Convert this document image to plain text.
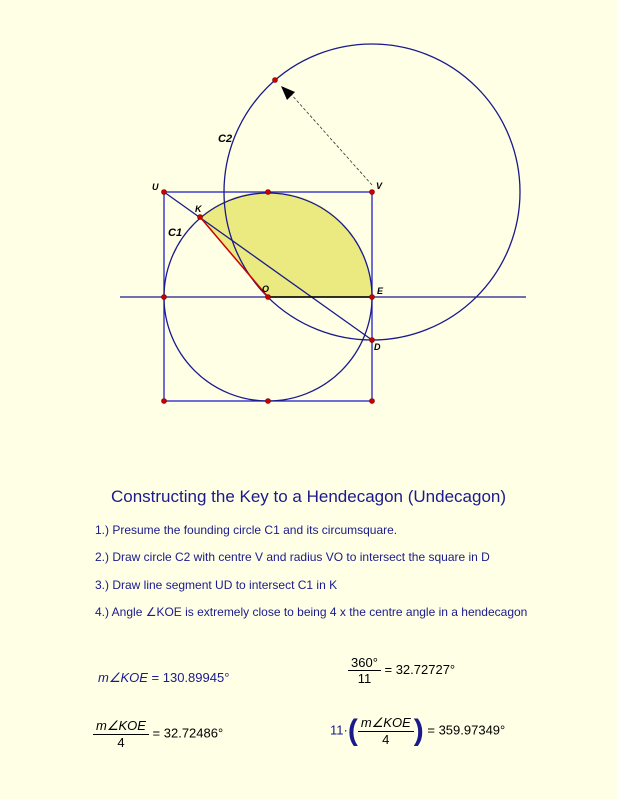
C2
C1
U	V
K
O	E
D
Constructing the Key to a Hendecagon (Undecagon)
1.) Presume the founding circle C1 and its circumsquare.
2.) Draw circle C2 with centre V and radius VO to intersect the square in D
3.) Draw line segment UD to intersect C1 in K
4.) Angle ∠KOE is extremely close to being 4 x the centre angle in a hendecagon
m∠KOE = 130.89945°	$\frac{360^\circ}{11} = 32.72727^\circ$
$\frac{\text{m∠KOE}}{4} = 32.72486^\circ$	$11\cdot( \frac{\text{m∠KOE}}{4}$ ) = 359.97349°
